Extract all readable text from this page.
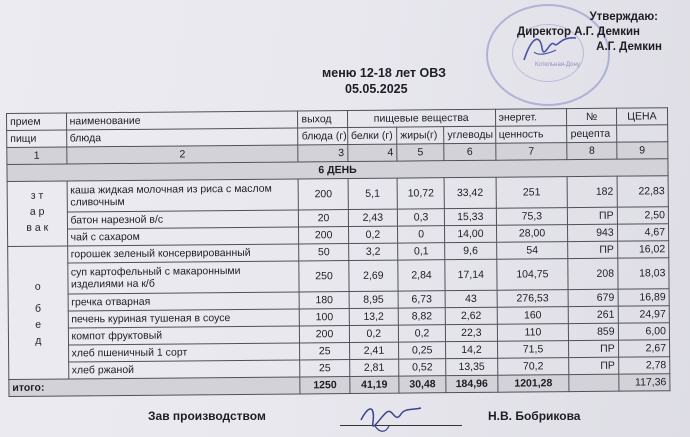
Котельная-Дону
Утверждаю:
Директор А.Г. Демкин
А.Г. Демкин
меню 12-18 лет ОВЗ
05.05.2025
прием	наименование	выход	пищевые вещества			энергет.	№	ЦЕНА
пищи	блюда	блюда (г)	белки (г)	жиры(г)	углеводы	ценность	рецепта	
1	2	3	4	5	6	7	8	9
6 ДЕНЬ								

з т
а р
в а к	каша жидкая молочная из риса с маслом сливочным	200	5,1	10,72	33,42	251	182	22,83
	батон нарезной в/с	20	2,43	0,3	15,33	75,3	ПР	2,50
	чай с сахаром	200	0,2	0	14,00	28,00	943	4,67

о
б
е
д	горошек зеленый консервированный	50	3,2	0,1	9,6	54	ПР	16,02
	суп картофельный с макаронными изделиями на к/б	250	2,69	2,84	17,14	104,75	208	18,03
	гречка отварная	180	8,95	6,73	43	276,53	679	16,89
	печень куриная тушеная в соусе	100	13,2	8,82	2,62	160	261	24,97
	компот фруктовый	200	0,2	0,2	22,3	110	859	6,00
	хлеб пшеничный 1 сорт	25	2,41	0,25	14,2	71,5	ПР	2,67
	хлеб ржаной	25	2,81	0,52	13,35	70,2	ПР	2,78
итого:		1250	41,19	30,48	184,96	1201,28		117,36
Зав производством	Н.В. Бобрикова
